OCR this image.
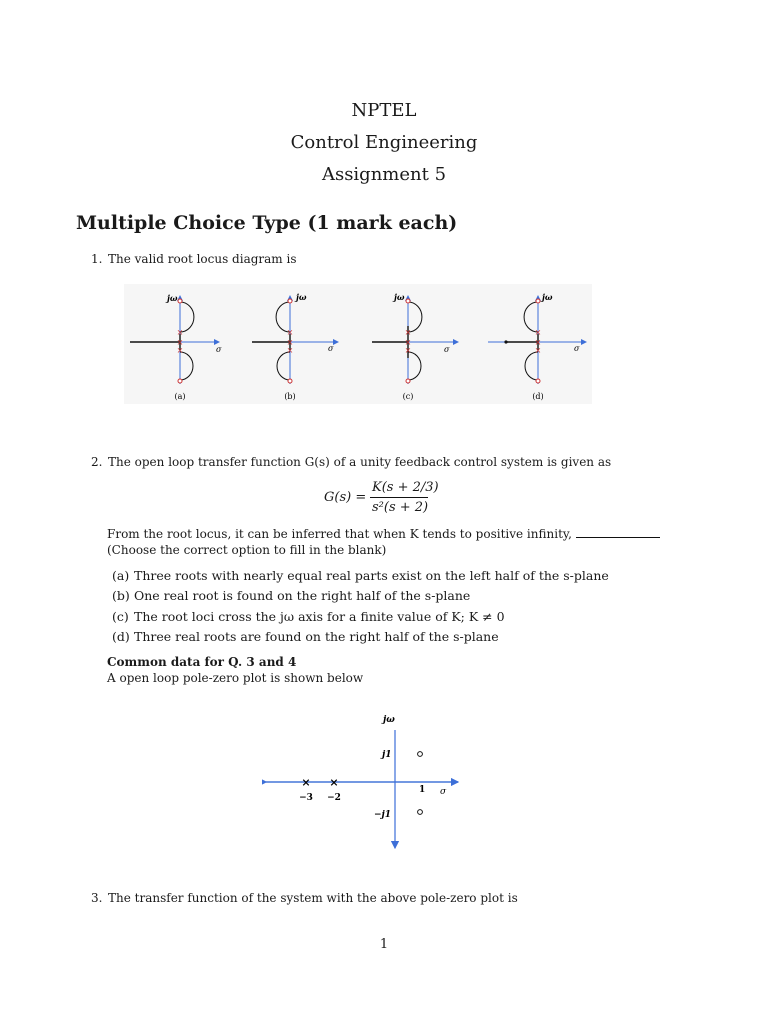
NPTEL
Control Engineering
Assignment 5
Multiple Choice Type (1 mark each)
1. The valid root locus diagram is
×
×
×
jω
σ
(a)
×
×
×
jω
σ
(b)
×
×
×
jω
σ
(c)
×
×
×
jω
σ
(d)
2. The open loop transfer function G(s) of a unity feedback control system is given as
G(s) =
K(s + 2/3)
s²(s + 2)
From the root locus, it can be inferred that when K tends to positive infinity,
(Choose the correct option to fill in the blank)
(a) Three roots with nearly equal real parts exist on the left half of the s-plane
(b) One real root is found on the right half of the s-plane
(c) The root loci cross the jω axis for a finite value of K; K ≠ 0
(d) Three real roots are found on the right half of the s-plane
Common data for Q. 3 and 4
A open loop pole-zero plot is shown below
jω
j1
−j1
1 σ
× ×
−3 −2
3. The transfer function of the system with the above pole-zero plot is
1
